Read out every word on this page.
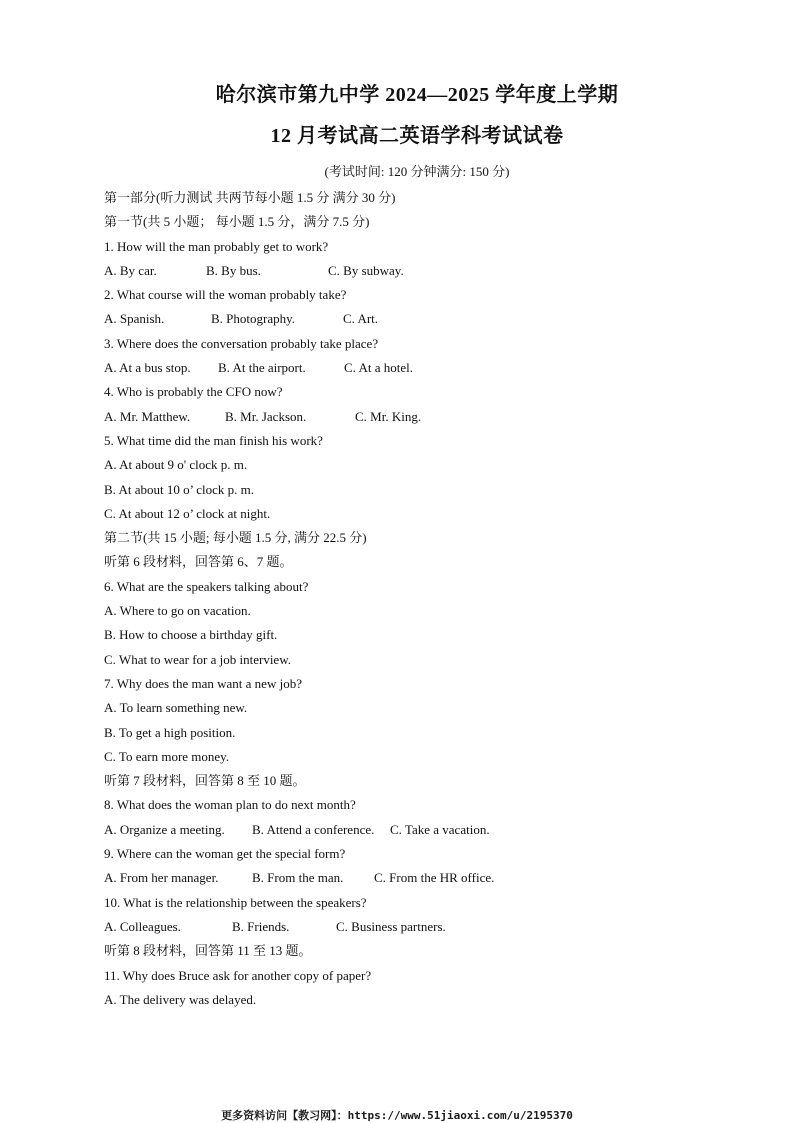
哈尔滨市第九中学 2024—2025 学年度上学期
12 月考试高二英语学科考试试卷
(考试时间: 120 分钟满分: 150 分)
第一部分(听力测试 共两节每小题 1.5 分 满分 30 分)
第一节(共 5 小题； 每小题 1.5 分，满分 7.5 分)
1. How will the man probably get to work?
A. By car.	B. By bus.	C. By subway.
2. What course will the woman probably take?
A. Spanish.	B. Photography.	C. Art.
3. Where does the conversation probably take place?
A. At a bus stop. B. At the airport.	C. At a hotel.
4. Who is probably the CFO now?
A. Mr. Matthew.	B. Mr. Jackson.	C. Mr. King.
5. What time did the man finish his work?
A. At about 9 o' clock p. m.
B. At about 10 o’ clock p. m.
C. At about 12 o’ clock at night.
第二节(共 15 小题; 每小题 1.5 分, 满分 22.5 分)
听第 6 段材料，回答第 6、7 题。
6. What are the speakers talking about?
A. Where to go on vacation.
B. How to choose a birthday gift.
C. What to wear for a job interview.
7. Why does the man want a new job?
A. To learn something new.
B. To get a high position.
C. To earn more money.
听第 7 段材料，回答第 8 至 10 题。
8. What does the woman plan to do next month?
A. Organize a meeting. B. Attend a conference. C. Take a vacation.
9. Where can the woman get the special form?
A. From her manager.	B. From the man. C. From the HR office.
10. What is the relationship between the speakers?
A. Colleagues.	B. Friends.	C. Business partners.
听第 8 段材料，回答第 11 至 13 题。
11. Why does Bruce ask for another copy of paper?
A. The delivery was delayed.
更多资料访问【教习网】：https://www.51jiaoxi.com/u/2195370
